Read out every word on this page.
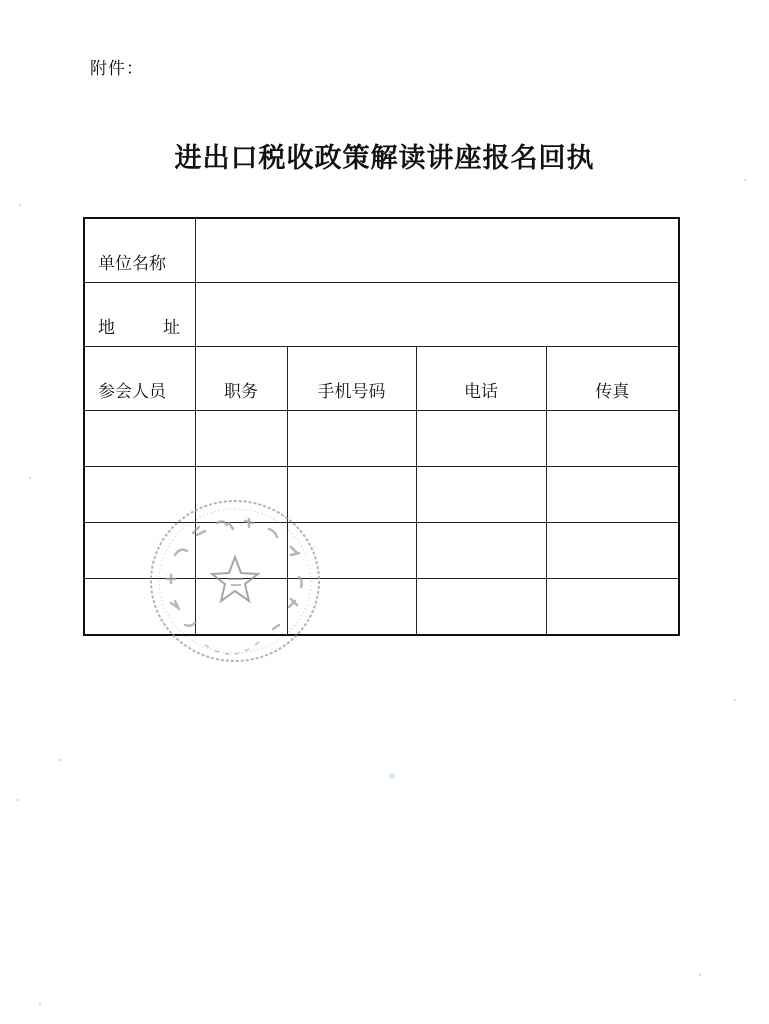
附件：
进出口税收政策解读讲座报名回执
单位名称				

地 址				

参会人员	职务	手机号码	电话	传真
